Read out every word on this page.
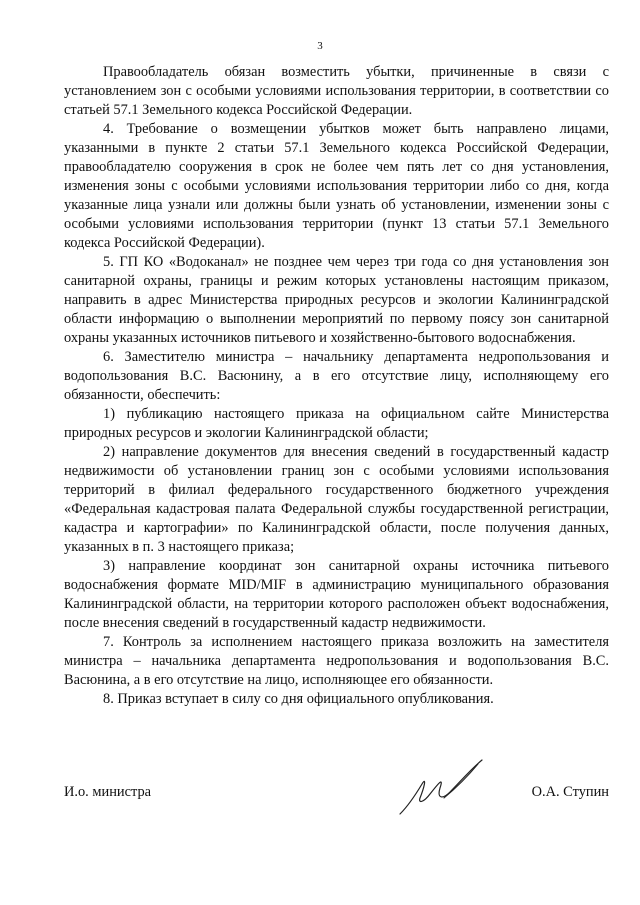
3

Правообладатель обязан возместить убытки, причиненные в связи с установлением зон с особыми условиями использования территории, в соответствии со статьей 57.1 Земельного кодекса Российской Федерации.

4. Требование о возмещении убытков может быть направлено лицами, указанными в пункте 2 статьи 57.1 Земельного кодекса Российской Федерации, правообладателю сооружения в срок не более чем пять лет со дня установления, изменения зоны с особыми условиями использования территории либо со дня, когда указанные лица узнали или должны были узнать об установлении, изменении зоны с особыми условиями использования территории (пункт 13 статьи 57.1 Земельного кодекса Российской Федерации).

5. ГП КО «Водоканал» не позднее чем через три года со дня установления зон санитарной охраны, границы и режим которых установлены настоящим приказом, направить в адрес Министерства природных ресурсов и экологии Калининградской области информацию о выполнении мероприятий по первому поясу зон санитарной охраны указанных источников питьевого и хозяйственно-бытового водоснабжения.

6. Заместителю министра – начальнику департамента недропользования и водопользования В.С. Васюнину, а в его отсутствие лицу, исполняющему его обязанности, обеспечить:

1) публикацию настоящего приказа на официальном сайте Министерства природных ресурсов и экологии Калининградской области;

2) направление документов для внесения сведений в государственный кадастр недвижимости об установлении границ зон с особыми условиями использования территорий в филиал федерального государственного бюджетного учреждения «Федеральная кадастровая палата Федеральной службы государственной регистрации, кадастра и картографии» по Калининградской области, после получения данных, указанных в п. 3 настоящего приказа;

3) направление координат зон санитарной охраны источника питьевого водоснабжения формате MID/MIF в администрацию муниципального образования Калининградской области, на территории которого расположен объект водоснабжения, после внесения сведений в государственный кадастр недвижимости.

7. Контроль за исполнением настоящего приказа возложить на заместителя министра – начальника департамента недропользования и водопользования В.С. Васюнина, а в его отсутствие на лицо, исполняющее его обязанности.

8. Приказ вступает в силу со дня официального опубликования.

И.о. министра	О.А. Ступин
